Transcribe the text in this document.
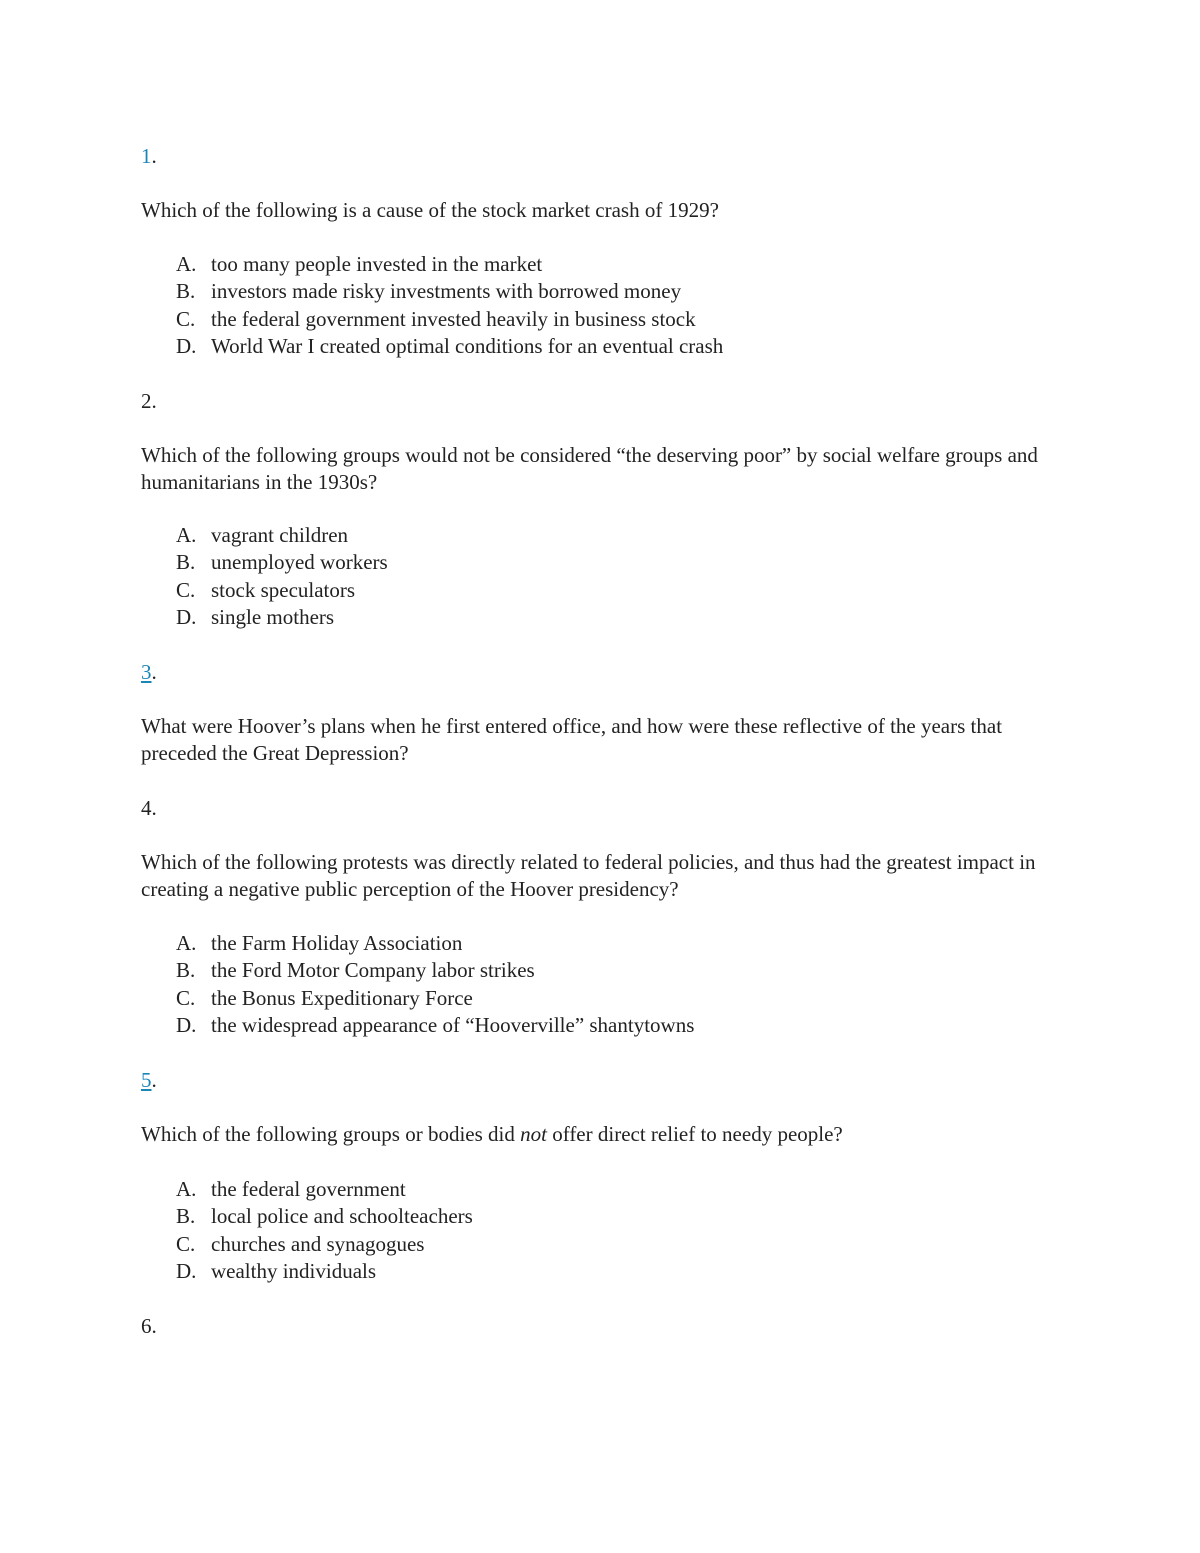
1.
Which of the following is a cause of the stock market crash of 1929?
A. too many people invested in the market
B. investors made risky investments with borrowed money
C. the federal government invested heavily in business stock
D. World War I created optimal conditions for an eventual crash
2.
Which of the following groups would not be considered “the deserving poor” by social welfare groups and humanitarians in the 1930s?
A. vagrant children
B. unemployed workers
C. stock speculators
D. single mothers
3.
What were Hoover’s plans when he first entered office, and how were these reflective of the years that preceded the Great Depression?
4.
Which of the following protests was directly related to federal policies, and thus had the greatest impact in creating a negative public perception of the Hoover presidency?
A. the Farm Holiday Association
B. the Ford Motor Company labor strikes
C. the Bonus Expeditionary Force
D. the widespread appearance of “Hooverville” shantytowns
5.
Which of the following groups or bodies did not offer direct relief to needy people?
A. the federal government
B. local police and schoolteachers
C. churches and synagogues
D. wealthy individuals
6.
